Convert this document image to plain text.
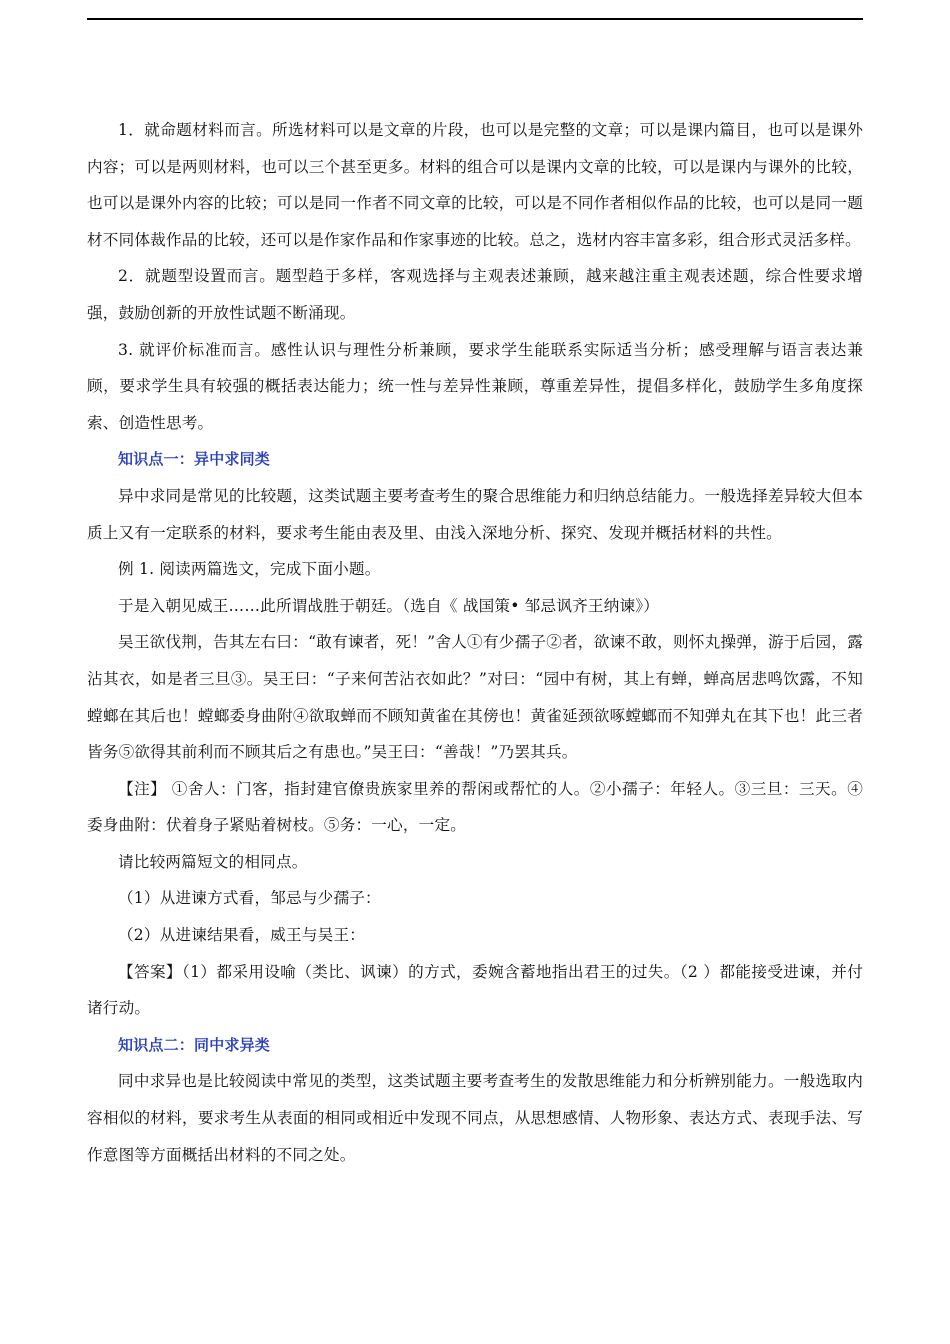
1．就命题材料而言。所选材料可以是文章的片段，也可以是完整的文章；可以是课内篇目，也可以是课外内容；可以是两则材料，也可以三个甚至更多。材料的组合可以是课内文章的比较，可以是课内与课外的比较，也可以是课外内容的比较；可以是同一作者不同文章的比较，可以是不同作者相似作品的比较，也可以是同一题材不同体裁作品的比较，还可以是作家作品和作家事迹的比较。总之，选材内容丰富多彩，组合形式灵活多样。

2．就题型设置而言。题型趋于多样，客观选择与主观表述兼顾，越来越注重主观表述题，综合性要求增强，鼓励创新的开放性试题不断涌现。

3. 就评价标准而言。感性认识与理性分析兼顾，要求学生能联系实际适当分析；感受理解与语言表达兼顾，要求学生具有较强的概括表达能力；统一性与差异性兼顾，尊重差异性，提倡多样化，鼓励学生多角度探索、创造性思考。

知识点一：异中求同类

异中求同是常见的比较题，这类试题主要考查考生的聚合思维能力和归纳总结能力。一般选择差异较大但本质上又有一定联系的材料，要求考生能由表及里、由浅入深地分析、探究、发现并概括材料的共性。

例 1. 阅读两篇选文，完成下面小题。

于是入朝见威王……此所谓战胜于朝廷。（选自《 战国策• 邹忌讽齐王纳谏》）

吴王欲伐荆，告其左右曰：“敢有谏者，死！”舍人①有少孺子②者，欲谏不敢，则怀丸操弹，游于后园，露沾其衣，如是者三旦③。吴王曰：“子来何苦沾衣如此？”对曰：“园中有树，其上有蝉，蝉高居悲鸣饮露，不知螳螂在其后也！螳螂委身曲附④欲取蝉而不顾知黄雀在其傍也！黄雀延颈欲啄螳螂而不知弹丸在其下也！此三者皆务⑤欲得其前利而不顾其后之有患也。”吴王曰：“善哉！”乃罢其兵。

【注】 ①舍人：门客，指封建官僚贵族家里养的帮闲或帮忙的人。②小孺子：年轻人。③三旦：三天。④委身曲附：伏着身子紧贴着树枝。⑤务：一心，一定。

请比较两篇短文的相同点。

（1）从进谏方式看，邹忌与少孺子：

（2）从进谏结果看，威王与吴王：

【答案】（1）都采用设喻（类比、讽谏）的方式，委婉含蓄地指出君王的过失。（2 ）都能接受进谏，并付诸行动。

知识点二：同中求异类

同中求异也是比较阅读中常见的类型，这类试题主要考查考生的发散思维能力和分析辨别能力。一般选取内容相似的材料，要求考生从表面的相同或相近中发现不同点，从思想感情、人物形象、表达方式、表现手法、写作意图等方面概括出材料的不同之处。
